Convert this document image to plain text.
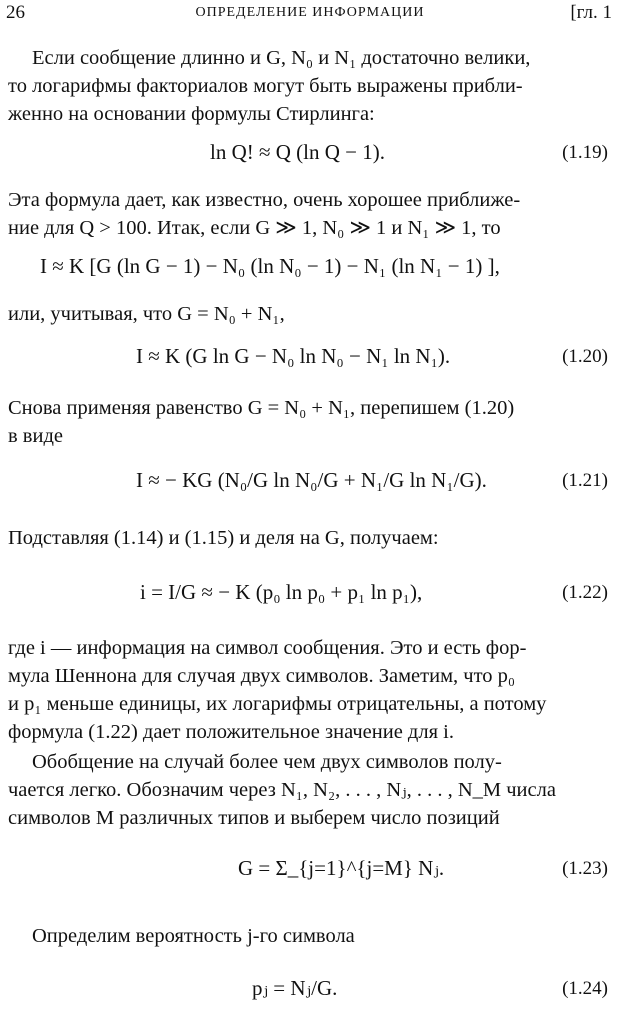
26	ОПРЕДЕЛЕНИЕ ИНФОРМАЦИИ	[гл. 1
Если сообщение длинно и G, N₀ и N₁ достаточно велики,
то логарифмы факториалов могут быть выражены прибли-
женно на основании формулы Стирлинга:
ln Q! ≈ Q (ln Q − 1).	(1.19)
Эта формула дает, как известно, очень хорошее приближе-
ние для Q > 100. Итак, если G ≫ 1, N₀ ≫ 1 и N₁ ≫ 1, то
I ≈ K [G (ln G − 1) − N₀ (ln N₀ − 1) − N₁ (ln N₁ − 1) ],
или, учитывая, что G = N₀ + N₁,
I ≈ K (G ln G − N₀ ln N₀ − N₁ ln N₁).	(1.20)
Снова применяя равенство G = N₀ + N₁, перепишем (1.20)
в виде
I ≈ − KG (N₀/G ln N₀/G + N₁/G ln N₁/G).	(1.21)
Подставляя (1.14) и (1.15) и деля на G, получаем:
i = I/G ≈ − K (p₀ ln p₀ + p₁ ln p₁),	(1.22)
где i — информация на символ сообщения. Это и есть фор-
мула Шеннона для случая двух символов. Заметим, что p₀
и p₁ меньше единицы, их логарифмы отрицательны, а потому
формула (1.22) дает положительное значение для i.
Обобщение на случай более чем двух символов полу-
чается легко. Обозначим через N₁, N₂, . . . , Nⱼ, . . . , N_M числа
символов M различных типов и выберем число позиций
G = Σ_{j=1}^{j=M} Nⱼ.	(1.23)
Определим вероятность j-го символа
pⱼ = Nⱼ/G.	(1.24)
